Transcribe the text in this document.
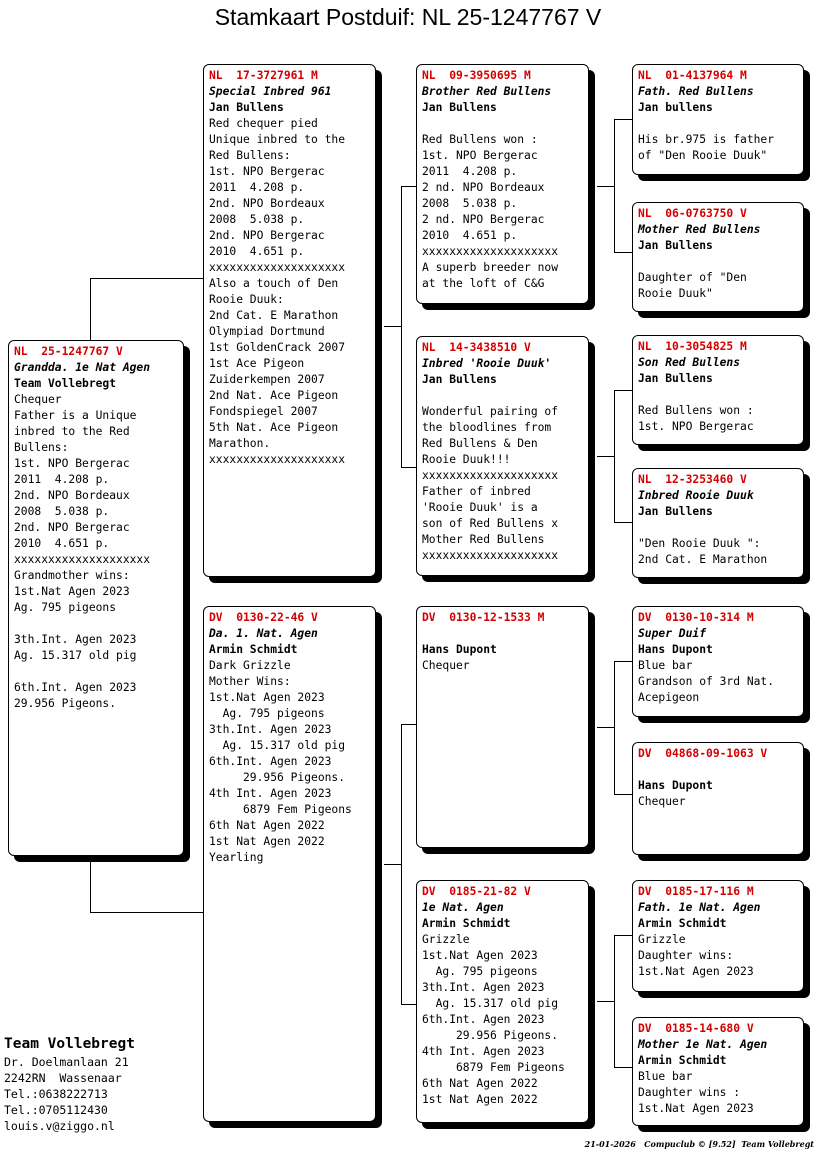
Stamkaart Postduif: NL 25-1247767 V
NL  25-1247767 V
Grandda. 1e Nat Agen
Team Vollebregt
Chequer
Father is a Unique
inbred to the Red
Bullens:
1st. NPO Bergerac
2011  4.208 p.
2nd. NPO Bordeaux
2008  5.038 p.
2nd. NPO Bergerac
2010  4.651 p.
xxxxxxxxxxxxxxxxxxxx
Grandmother wins:
1st.Nat Agen 2023
Ag. 795 pigeons
3th.Int. Agen 2023
Ag. 15.317 old pig
6th.Int. Agen 2023
29.956 Pigeons.
NL  17-3727961 M
Special Inbred 961
Jan Bullens
Red chequer pied
Unique inbred to the
Red Bullens:
1st. NPO Bergerac
2011  4.208 p.
2nd. NPO Bordeaux
2008  5.038 p.
2nd. NPO Bergerac
2010  4.651 p.
xxxxxxxxxxxxxxxxxxxx
Also a touch of Den
Rooie Duuk:
2nd Cat. E Marathon
Olympiad Dortmund
1st GoldenCrack 2007
1st Ace Pigeon
Zuiderkempen 2007
2nd Nat. Ace Pigeon
Fondspiegel 2007
5th Nat. Ace Pigeon
Marathon.
xxxxxxxxxxxxxxxxxxxx
DV  0130-22-46 V
Da. 1. Nat. Agen
Armin Schmidt
Dark Grizzle
Mother Wins:
1st.Nat Agen 2023
Ag. 795 pigeons
3th.Int. Agen 2023
Ag. 15.317 old pig
6th.Int. Agen 2023
29.956 Pigeons.
4th Int. Agen 2023
6879 Fem Pigeons
6th Nat Agen 2022
1st Nat Agen 2022
Yearling
NL  09-3950695 M
Brother Red Bullens
Jan Bullens
Red Bullens won :
1st. NPO Bergerac
2011  4.208 p.
2 nd. NPO Bordeaux
2008  5.038 p.
2 nd. NPO Bergerac
2010  4.651 p.
xxxxxxxxxxxxxxxxxxxx
A superb breeder now
at the loft of C&G
NL  14-3438510 V
Inbred 'Rooie Duuk'
Jan Bullens
Wonderful pairing of
the bloodlines from
Red Bullens & Den
Rooie Duuk!!!
xxxxxxxxxxxxxxxxxxxx
Father of inbred
'Rooie Duuk' is a
son of Red Bullens x
Mother Red Bullens
xxxxxxxxxxxxxxxxxxxx
DV  0130-12-1533 M
Hans Dupont
Chequer
DV  0185-21-82 V
1e Nat. Agen
Armin Schmidt
Grizzle
1st.Nat Agen 2023
Ag. 795 pigeons
3th.Int. Agen 2023
Ag. 15.317 old pig
6th.Int. Agen 2023
29.956 Pigeons.
4th Int. Agen 2023
6879 Fem Pigeons
6th Nat Agen 2022
1st Nat Agen 2022
NL  01-4137964 M
Fath. Red Bullens
Jan bullens
His br.975 is father
of "Den Rooie Duuk"
NL  06-0763750 V
Mother Red Bullens
Jan Bullens
Daughter of "Den
Rooie Duuk"
NL  10-3054825 M
Son Red Bullens
Jan Bullens
Red Bullens won :
1st. NPO Bergerac
NL  12-3253460 V
Inbred Rooie Duuk
Jan Bullens
"Den Rooie Duuk ":
2nd Cat. E Marathon
DV  0130-10-314 M
Super Duif
Hans Dupont
Blue bar
Grandson of 3rd Nat.
Acepigeon
DV  04868-09-1063 V
Hans Dupont
Chequer
DV  0185-17-116 M
Fath. 1e Nat. Agen
Armin Schmidt
Grizzle
Daughter wins:
1st.Nat Agen 2023
DV  0185-14-680 V
Mother 1e Nat. Agen
Armin Schmidt
Blue bar
Daughter wins :
1st.Nat Agen 2023
Team Vollebregt
Dr. Doelmanlaan 21
2242RN  Wassenaar
Tel.:0638222713
Tel.:0705112430
louis.v@ziggo.nl
21-01-2026 Compuclub © [9.52] Team Vollebregt
